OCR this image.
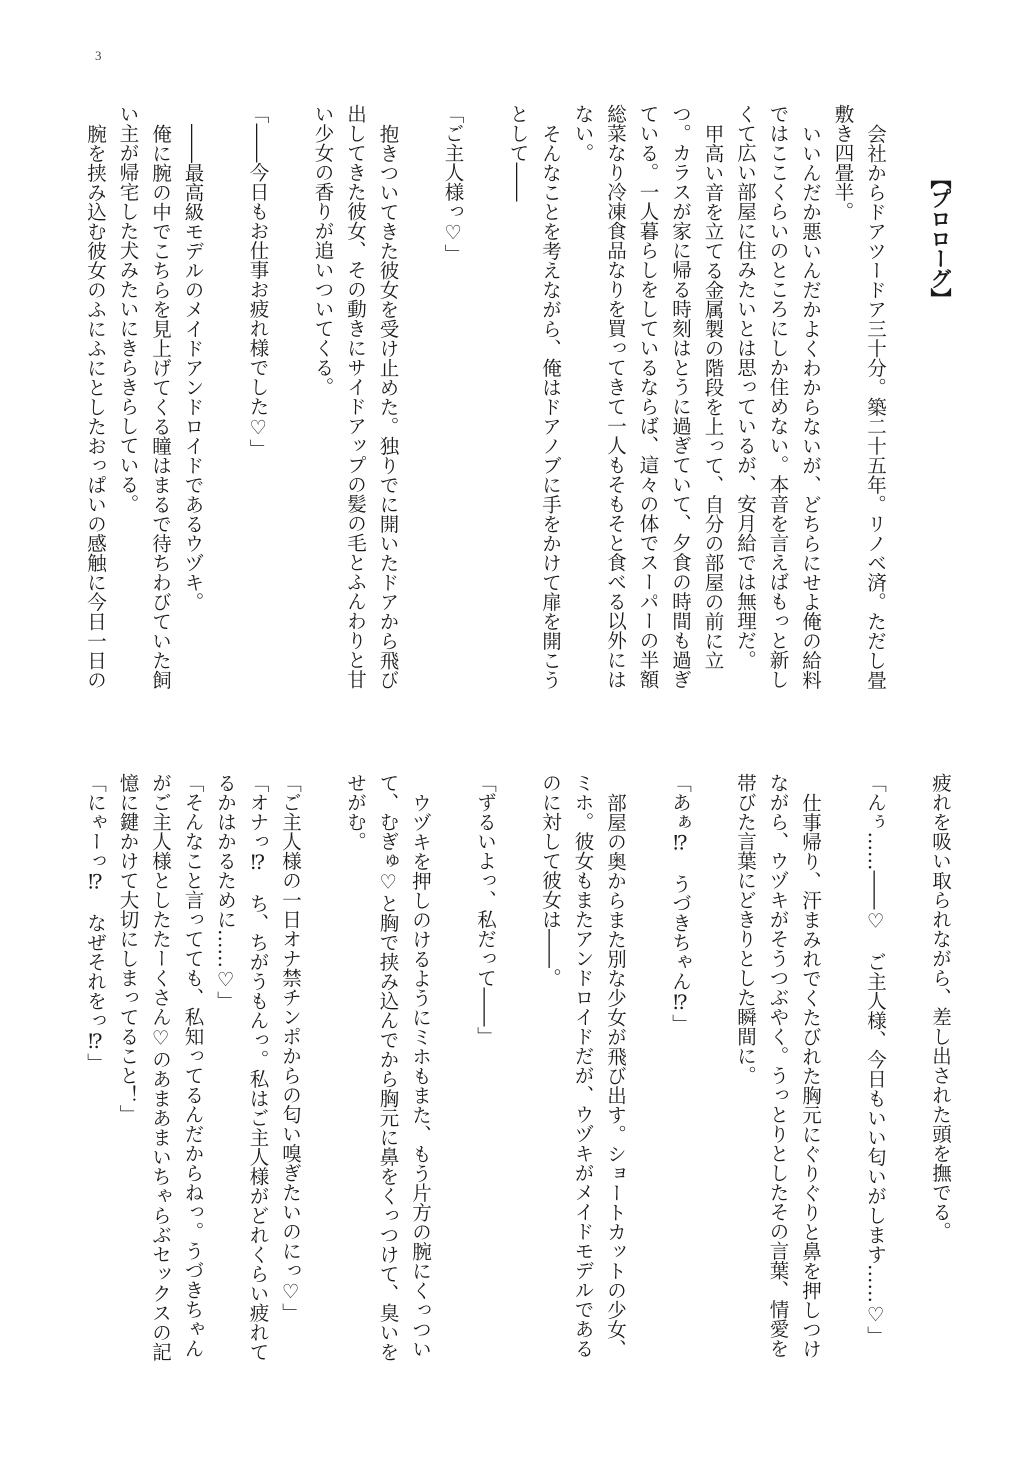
3

【プロローグ】

会社からドアツードア三十分。築二十五年。リノベ済。ただし畳

敷き四畳半。

いいんだか悪いんだかよくわからないが、どちらにせよ俺の給料

ではここくらいのところにしか住めない。本音を言えばもっと新し

くて広い部屋に住みたいとは思っているが、安月給では無理だ。

甲高い音を立てる金属製の階段を上って、自分の部屋の前に立

つ。カラスが家に帰る時刻はとうに過ぎていて、夕食の時間も過ぎ

ている。一人暮らしをしているならば、這々の体でスーパーの半額

総菜なり冷凍食品なりを買ってきて一人もそもそと食べる以外には

ない。

そんなことを考えながら、俺はドアノブに手をかけて扉を開こう

として――

「ご主人様っ♡」

抱きついてきた彼女を受け止めた。独りでに開いたドアから飛び

出してきた彼女、その動きにサイドアップの髪の毛とふんわりと甘

い少女の香りが追いついてくる。

「――今日もお仕事お疲れ様でした♡」

――最高級モデルのメイドアンドロイドであるウヅキ。

俺に腕の中でこちらを見上げてくる瞳はまるで待ちわびていた飼

い主が帰宅した犬みたいにきらきらしている。

腕を挟み込む彼女のふにふにとしたおっぱいの感触に今日一日の

疲れを吸い取られながら、差し出された頭を撫でる。

「んぅ……――♡　ご主人様、今日もいい匂いがします……♡」

仕事帰り、汗まみれでくたびれた胸元にぐりぐりと鼻を押しつけ

ながら、ウヅキがそうつぶやく。うっとりとしたその言葉、情愛を

帯びた言葉にどきりとした瞬間に。

「あぁ⁉　うづきちゃん⁉」

部屋の奥からまた別な少女が飛び出す。ショートカットの少女、

ミホ。彼女もまたアンドロイドだが、ウヅキがメイドモデルである

のに対して彼女は――。

「ずるいよっ、私だって――」

ウヅキを押しのけるようにミホもまた、もう片方の腕にくっつい

て、むぎゅ♡と胸で挟み込んでから胸元に鼻をくっつけて、臭いを

せがむ。

「ご主人様の一日オナ禁チンポからの匂い嗅ぎたいのにっ♡」

「オナっ⁉　ち、ちがうもんっ。私はご主人様がどれくらい疲れて

るかはかるために……♡」

「そんなこと言ってても、私知ってるんだからねっ。うづきちゃん

がご主人様としたたーくさん♡のあまあまいちゃらぶセックスの記

憶に鍵かけて大切にしまってること！」

「にゃーっ⁉　なぜそれをっ⁉」
